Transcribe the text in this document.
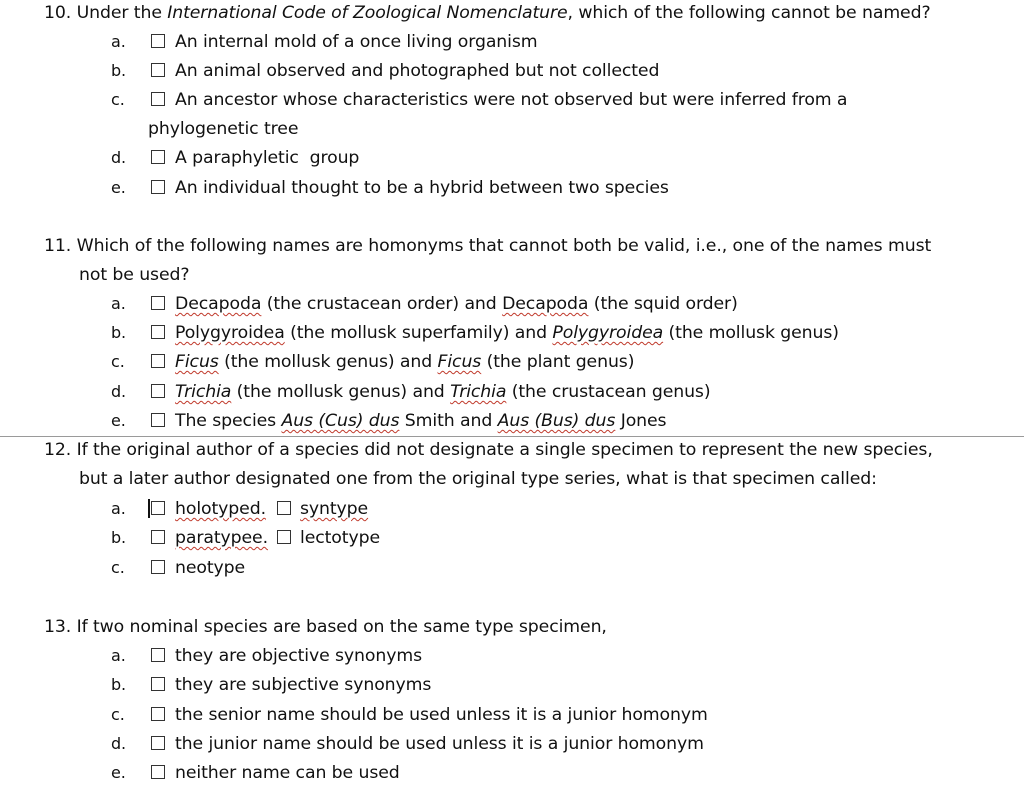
10. Under the International Code of Zoological Nomenclature, which of the following cannot be named?
a.	An internal mold of a once living organism
b.	An animal observed and photographed but not collected
c.	An ancestor whose characteristics were not observed but were inferred from a
phylogenetic tree
d.	A paraphyletic  group
e.	An individual thought to be a hybrid between two species
11. Which of the following names are homonyms that cannot both be valid, i.e., one of the names must
not be used?
a.	Decapoda (the crustacean order) and Decapoda (the squid order)
b.	Polygyroidea (the mollusk superfamily) and Polygyroidea (the mollusk genus)
c.	Ficus (the mollusk genus) and Ficus (the plant genus)
d.	Trichia (the mollusk genus) and Trichia (the crustacean genus)
e.	The species Aus (Cus) dus Smith and Aus (Bus) dus Jones
12. If the original author of a species did not designate a single specimen to represent the new species,
but a later author designated one from the original type series, what is that specimen called:
a.	holotyped. syntype
b.	paratypee. lectotype
c.	neotype
13. If two nominal species are based on the same type specimen,
a.	they are objective synonyms
b.	they are subjective synonyms
c.	the senior name should be used unless it is a junior homonym
d.	the junior name should be used unless it is a junior homonym
e.	neither name can be used
